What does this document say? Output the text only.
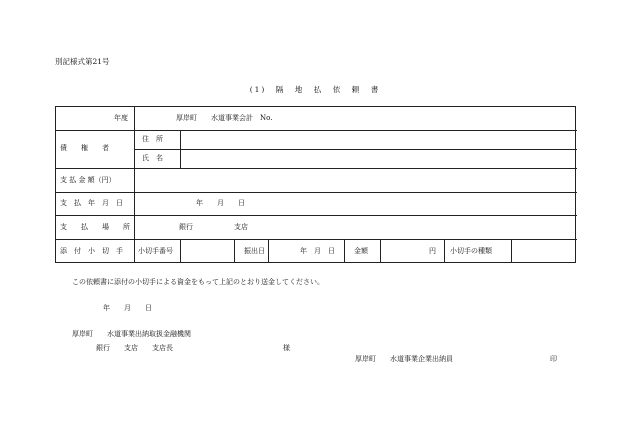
別記様式第21号
(1)　隔　地　払　依　頼　書
年度	厚岸町　　水道事業会計　No.
債　　権　　者
住　所
氏　名
支 払 金 額（円）
支　払　年　月　日	年　　月　　日
支　　払　　場　　所	銀行	支店
添　付　小　切　手 小切手番号	振出日	年　月　日	金額	円 小切手の種類
この依頼書に添付の小切手による資金をもって上記のとおり送金してください。
年　　月　　日
厚岸町　　水道事業出納取扱金融機関
銀行　　支店　　支店長	様
厚岸町　　水道事業企業出納員	印
